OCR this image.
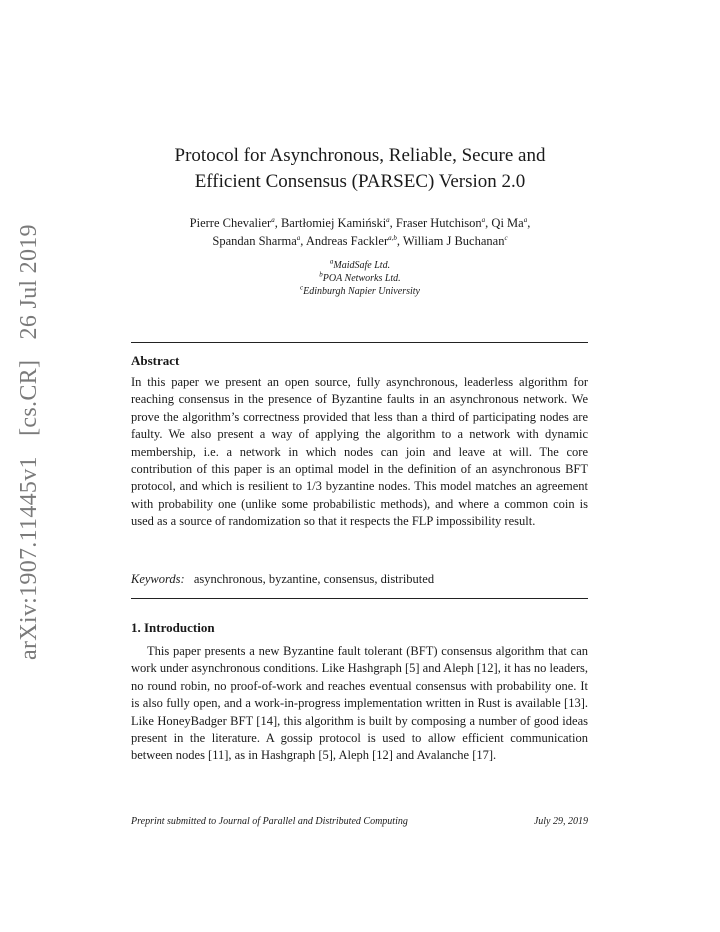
arXiv:1907.11445v1 [cs.CR] 26 Jul 2019
Protocol for Asynchronous, Reliable, Secure and
Efficient Consensus (PARSEC) Version 2.0
Pierre Chevalier$^a$, Bartłomiej Kamiński$^a$, Fraser Hutchison$^a$, Qi Ma$^a$,
Spandan Sharma$^a$, Andreas Fackler$^{a,b}$, William J Buchanan$^c$
$^a$MaidSafe Ltd.
$^b$POA Networks Ltd.
$^c$Edinburgh Napier University
Abstract
In this paper we present an open source, fully asynchronous, leaderless algorithm for reaching consensus in the presence of Byzantine faults in an asynchronous network. We prove the algorithm’s correctness provided that less than a third of participating nodes are faulty. We also present a way of applying the algorithm to a network with dynamic membership, i.e. a network in which nodes can join and leave at will. The core contribution of this paper is an optimal model in the definition of an asynchronous BFT protocol, and which is resilient to 1/3 byzantine nodes. This model matches an agreement with probability one (unlike some probabilistic methods), and where a common coin is used as a source of randomization so that it respects the FLP impossibility result.
Keywords: asynchronous, byzantine, consensus, distributed
1. Introduction
This paper presents a new Byzantine fault tolerant (BFT) consensus algorithm that can work under asynchronous conditions. Like Hashgraph [5] and Aleph [12], it has no leaders, no round robin, no proof-of-work and reaches eventual consensus with probability one. It is also fully open, and a work-in-progress implementation written in Rust is available [13]. Like HoneyBadger BFT [14], this algorithm is built by composing a number of good ideas present in the literature. A gossip protocol is used to allow efficient communication between nodes [11], as in Hashgraph [5], Aleph [12] and Avalanche [17].
Preprint submitted to Journal of Parallel and Distributed Computing	July 29, 2019
